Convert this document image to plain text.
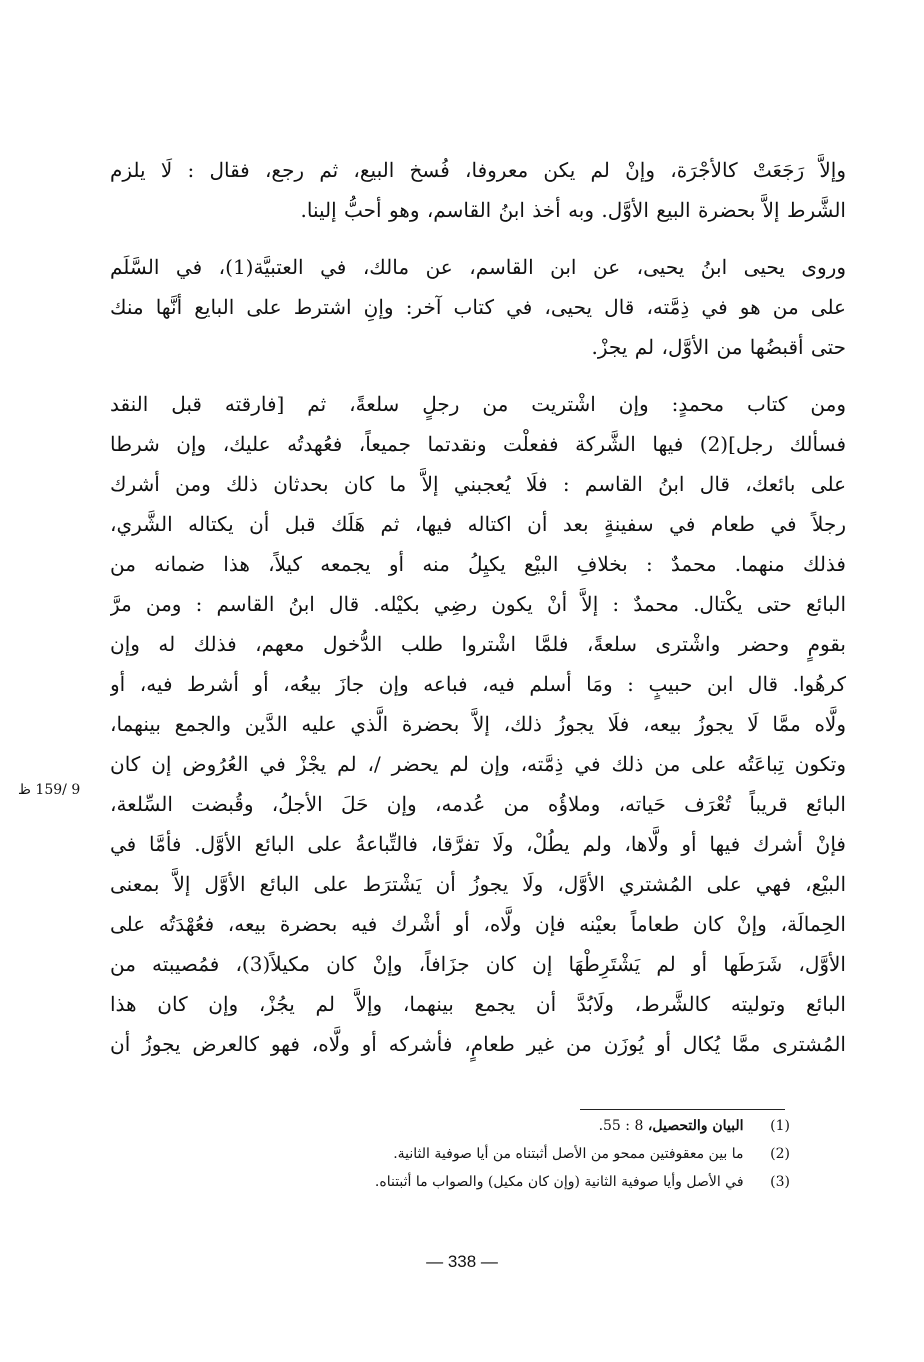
وإلاَّ رَجَعَتْ كالأجْرَة، وإنْ لم يكن معروفا، فُسخ البيع، ثم رجع، فقال : لَا يلزم
الشَّرط إلاَّ بحضرة البيع الأوَّل. وبه أخذ ابنُ القاسم، وهو أحبُّ إلينا.
وروى يحيى ابنُ يحيى، عن ابن القاسم، عن مالك، في العتبيَّة(1)، في السَّلَم
على من هو في ذِمَّته، قال يحيى، في كتاب آخر: وإنِ اشترط على البايع أنَّها منك
حتى أقبضُها من الأوَّل، لم يجزْ.
ومن كتاب محمدٍ: وإن اشْتريت من رجلٍ سلعةً، ثم [فارقته قبل النقد
فسألك رجل](2) فيها الشَّركة ففعلْت ونقدتما جميعاً، فعُهدتُه عليك، وإن شرطا
على بائعك، قال ابنُ القاسم : فلَا يُعجبني إلاَّ ما كان بحدثان ذلك ومن أشرك
رجلاً في طعام في سفينةٍ بعد أن اكتاله فيها، ثم هَلَك قبل أن يكتاله الشَّري،
فذلك منهما. محمدٌ : بخلافِ البيْع يكيِلُ منه أو يجمعه كيلاً، هذا ضمانه من
البائع حتى يكْتال. محمدٌ : إلاَّ أنْ يكون رضِي بكيْله. قال ابنُ القاسم : ومن مرَّ
بقومٍ وحضر واشْترى سلعةً، فلمَّا اشْتروا طلب الدُّخول معهم، فذلك له وإن
كرهُوا. قال ابن حبيبٍ : ومَا أسلم فيه، فباعه وإن جازَ بيعُه، أو أشرط فيه، أو
ولَّاه ممَّا لَا يجوزُ بيعه، فلَا يجوزُ ذلك، إلاَّ بحضرة الَّذي عليه الدَّين والجمع بينهما،
وتكون تِباعَتُه على من ذلك في ذِمَّته، وإن لم يحضر /، لم يجْزْ في العُرُوض إن كان
البائع قريباً تُعْرَف حَياته، وملاؤُه من عُدمه، وإن حَلَ الأجلُ، وقُبضت السِّلعة،
فإنْ أشرك فيها أو ولَّاها، ولم يطُلْ، ولَا تفرَّقا، فالتِّباعةُ على البائع الأوَّل. فأمَّا في
البيْع، فهي على المُشتري الأوَّل، ولَا يجوزُ أن يَشْترَط على البائع الأوَّل إلاَّ بمعنى
الحِمالَة، وإنْ كان طعاماً بعيْنه فإن ولَّاه، أو أشْرك فيه بحضرة بيعه، فعُهْدَتُه على
الأوَّل، شَرَطَها أو لم يَشْتَرِطْهَا إن كان جزَافاً، وإنْ كان مكيلاً(3)، فمُصيبته من
البائع وتوليته كالشَّرط، ولَابُدَّ أن يجمع بينهما، وإلاَّ لم يجُزْ، وإن كان هذا
المُشترى ممَّا يُكال أو يُوزَن من غير طعامٍ، فأشركه أو ولَّاه، فهو كالعرض يجوزُ أن
9 /159 ظ
(1) البيان والتحصيل، 8 : 55.
(2) ما بين معقوفتين ممحو من الأصل أثبتناه من أيا صوفية الثانية.
(3) في الأصل وأيا صوفية الثانية (وإن كان مكيل) والصواب ما أثبتناه.
— 338 —
